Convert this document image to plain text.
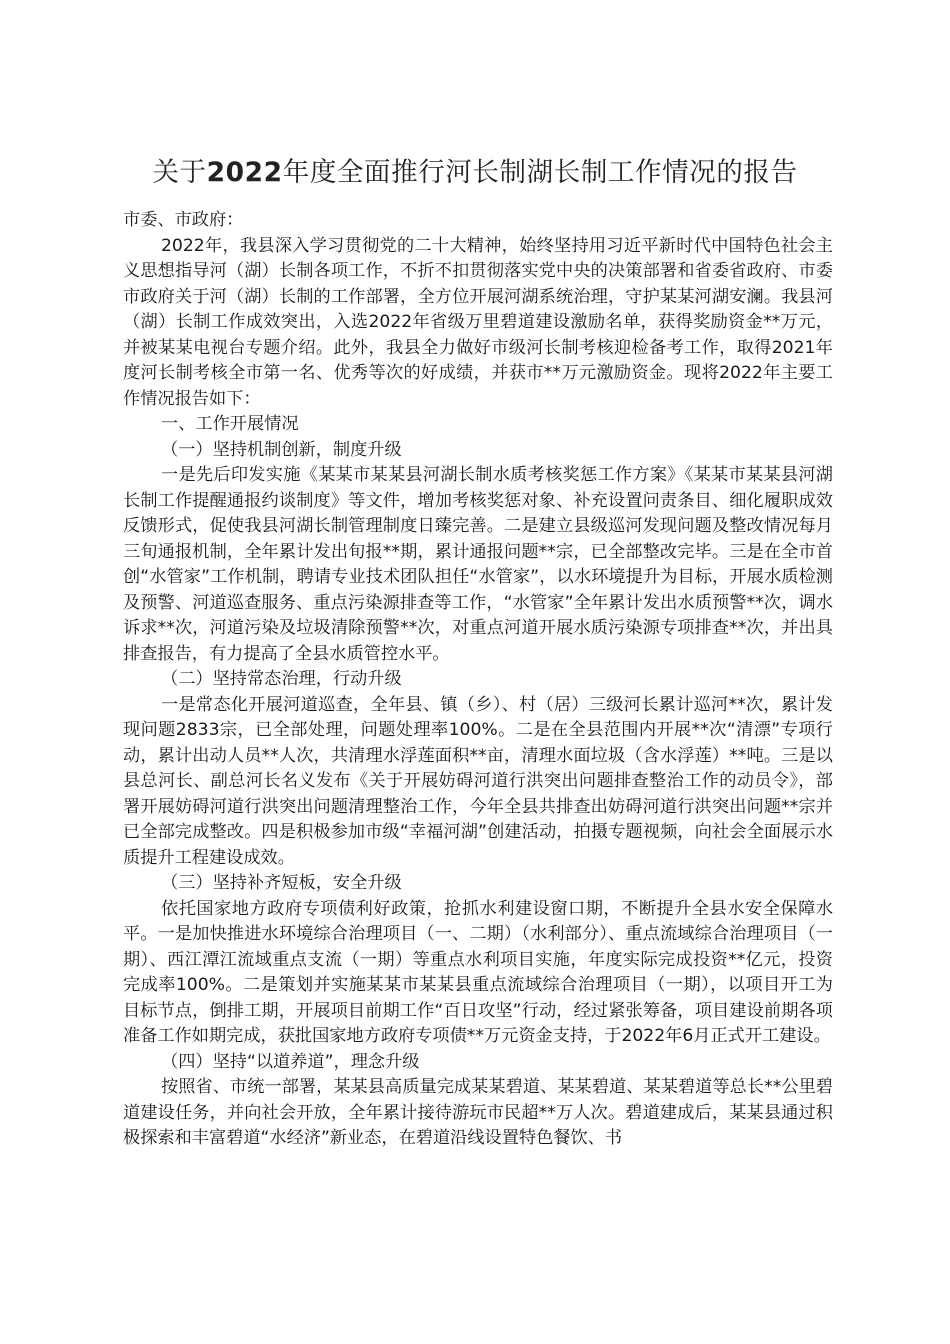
关于2022年度全面推行河长制湖长制工作情况的报告

市委、市政府：

2022年，我县深入学习贯彻党的二十大精神，始终坚持用习近平新时代中国特色社会主义思想指导河（湖）长制各项工作，不折不扣贯彻落实党中央的决策部署和省委省政府、市委市政府关于河（湖）长制的工作部署，全方位开展河湖系统治理，守护某某河湖安澜。我县河（湖）长制工作成效突出，入选2022年省级万里碧道建设激励名单，获得奖励资金**万元，并被某某电视台专题介绍。此外，我县全力做好市级河长制考核迎检备考工作，取得2021年度河长制考核全市第一名、优秀等次的好成绩，并获市**万元激励资金。现将2022年主要工作情况报告如下：

一、工作开展情况

（一）坚持机制创新，制度升级

一是先后印发实施《某某市某某县河湖长制水质考核奖惩工作方案》《某某市某某县河湖长制工作提醒通报约谈制度》等文件，增加考核奖惩对象、补充设置问责条目、细化履职成效反馈形式，促使我县河湖长制管理制度日臻完善。二是建立县级巡河发现问题及整改情况每月三旬通报机制，全年累计发出旬报**期，累计通报问题**宗，已全部整改完毕。三是在全市首创“水管家”工作机制，聘请专业技术团队担任“水管家”，以水环境提升为目标，开展水质检测及预警、河道巡查服务、重点污染源排查等工作，“水管家”全年累计发出水质预警**次，调水诉求**次，河道污染及垃圾清除预警**次，对重点河道开展水质污染源专项排查**次，并出具排查报告，有力提高了全县水质管控水平。

（二）坚持常态治理，行动升级

一是常态化开展河道巡查，全年县、镇（乡）、村（居）三级河长累计巡河**次，累计发现问题2833宗，已全部处理，问题处理率100%。二是在全县范围内开展**次“清漂”专项行动，累计出动人员**人次，共清理水浮莲面积**亩，清理水面垃圾（含水浮莲）**吨。三是以县总河长、副总河长名义发布《关于开展妨碍河道行洪突出问题排查整治工作的动员令》，部署开展妨碍河道行洪突出问题清理整治工作，今年全县共排查出妨碍河道行洪突出问题**宗并已全部完成整改。四是积极参加市级“幸福河湖”创建活动，拍摄专题视频，向社会全面展示水质提升工程建设成效。

（三）坚持补齐短板，安全升级

依托国家地方政府专项债利好政策，抢抓水利建设窗口期，不断提升全县水安全保障水平。一是加快推进水环境综合治理项目（一、二期）（水利部分）、重点流域综合治理项目（一期）、西江潭江流域重点支流（一期）等重点水利项目实施，年度实际完成投资**亿元，投资完成率100%。二是策划并实施某某市某某县重点流域综合治理项目（一期），以项目开工为目标节点，倒排工期，开展项目前期工作“百日攻坚”行动，经过紧张筹备，项目建设前期各项准备工作如期完成，获批国家地方政府专项债**万元资金支持，于2022年6月正式开工建设。

（四）坚持“以道养道”，理念升级

按照省、市统一部署，某某县高质量完成某某碧道、某某碧道、某某碧道等总长**公里碧道建设任务，并向社会开放，全年累计接待游玩市民超**万人次。碧道建成后，某某县通过积极探索和丰富碧道“水经济”新业态，在碧道沿线设置特色餐饮、书
